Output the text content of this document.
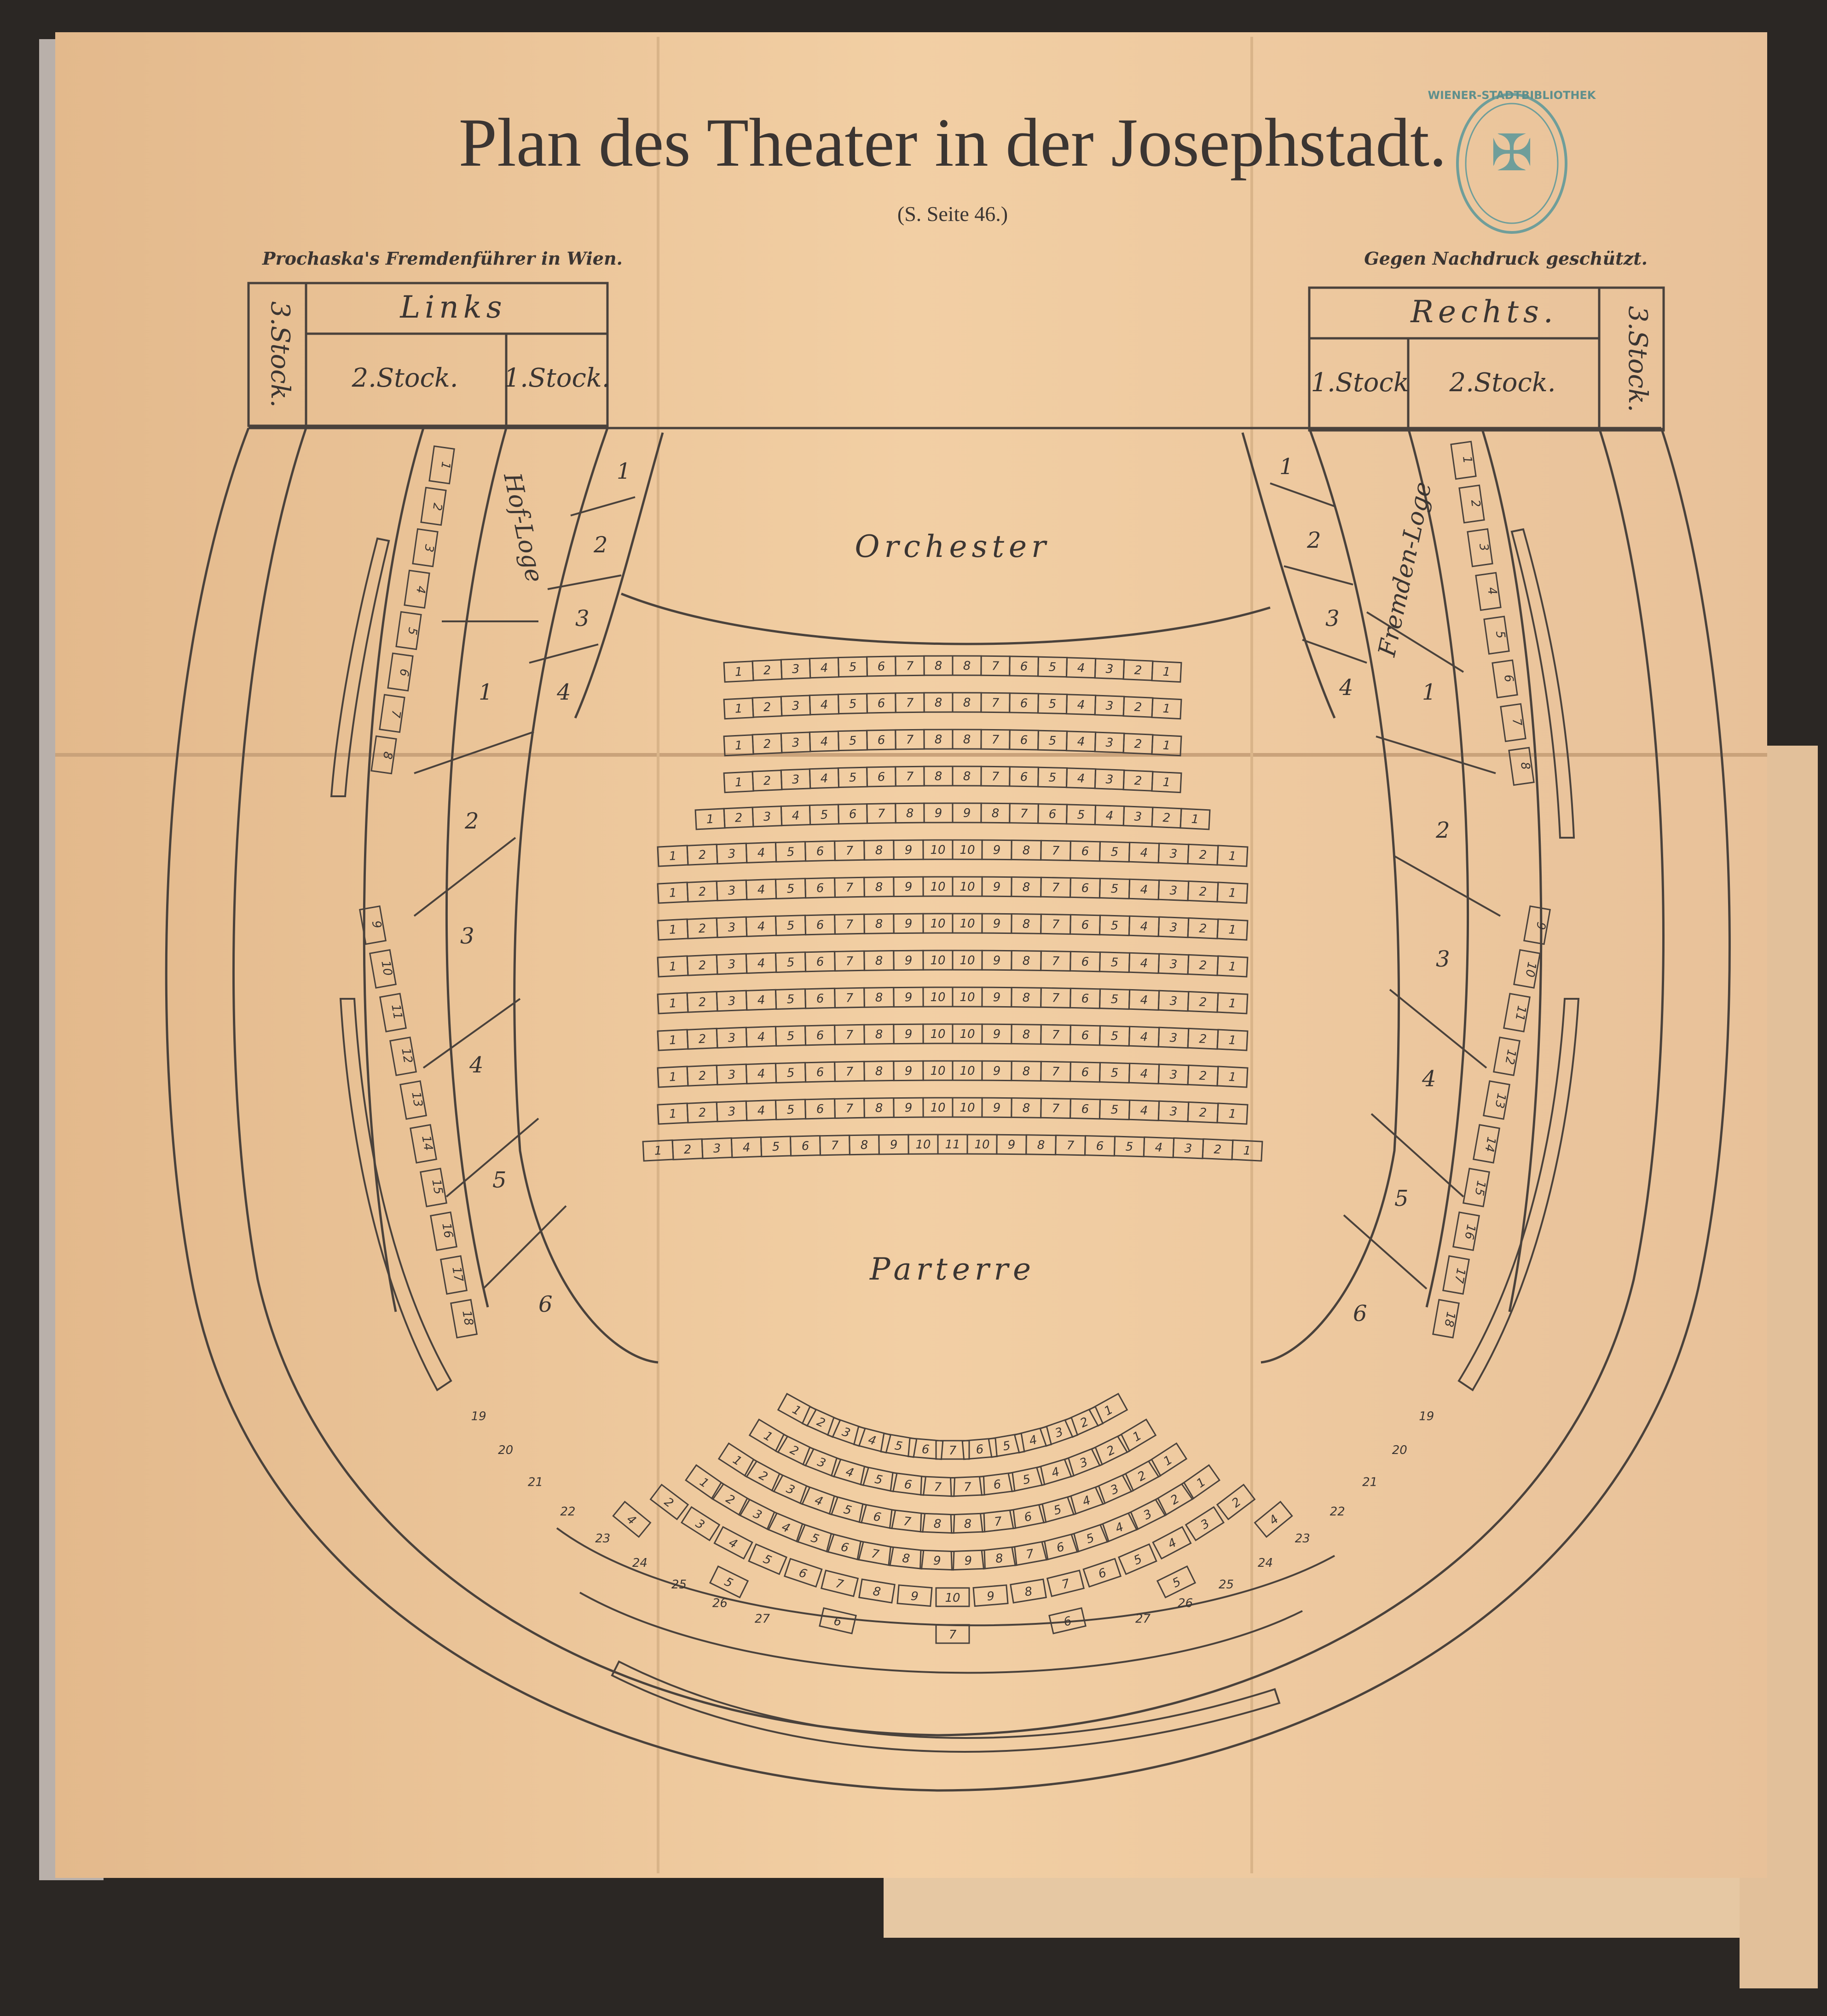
Plan des Theater in der Josephstadt.
(S. Seite 46.)
Prochaska's Fremdenführer in Wien.	Gegen Nachdruck geschützt.
WIENER-STADTBIBLIOTHEK
✠
Links
2.Stock. 1.Stock.
3.Stock.	Rechts.
1.Stock 2.Stock.	3.Stock.
Orchester
Hof-Loge	Fremden-Loge
1
2
3
4
5
6
1
2
3
4	1
2
3
4
5
6
1
2
3
4
Parterre
1 2 3 4 5 6 7 8 8 7 6 5 4 3 2 1
1 2 3 4 5 6 7 8 8 7 6 5 4 3 2 1
1 2 3 4 5 6 7 8 8 7 6 5 4 3 2 1
1 2 3 4 5 6 7 8 8 7 6 5 4 3 2 1
1 2 3 4 5 6 7 8 9 9 8 7 6 5 4 3 2 1
1 2 3 4 5 6 7 8 9 10 10 9 8 7 6 5 4 3 2 1
1 2 3 4 5 6 7 8 9 10 10 9 8 7 6 5 4 3 2 1
1 2 3 4 5 6 7 8 9 10 10 9 8 7 6 5 4 3 2 1
1 2 3 4 5 6 7 8 9 10 10 9 8 7 6 5 4 3 2 1
1 2 3 4 5 6 7 8 9 10 10 9 8 7 6 5 4 3 2 1
1 2 3 4 5 6 7 8 9 10 10 9 8 7 6 5 4 3 2 1
1 2 3 4 5 6 7 8 9 10 10 9 8 7 6 5 4 3 2 1
1 2 3 4 5 6 7 8 9 10 10 9 8 7 6 5 4 3 2 1
1 2 3 4 5 6 7 8 9 10 11 10 9 8 7 6 5 4 3 2 1
1
2
3
4 5 6 7 6 5 4
3
2
1
1
2
3
4 5 6 7 7 6 5 4
3
2
1
1
2
3
4
5 6 7 8 8 7 6 5
4
3
2
1
1
2
3
4
5
6 7 8 9 9 8 7 6
5
4
3
2
1
2
3
4
5
6
7
8 9 10 9 8
7
6
5
4
3
2
4
5
6
7
6
5
4
19
20
21
22
23
24
25
26
27	27
26
25
24
23
22
21
20
19
1
2
3
4
5
6
7
8
9
10
11
12
13
14
15
16
17
18
1
2
3
4
5
6
7
8
9
10
11
12
13
14
15
16
17
18
